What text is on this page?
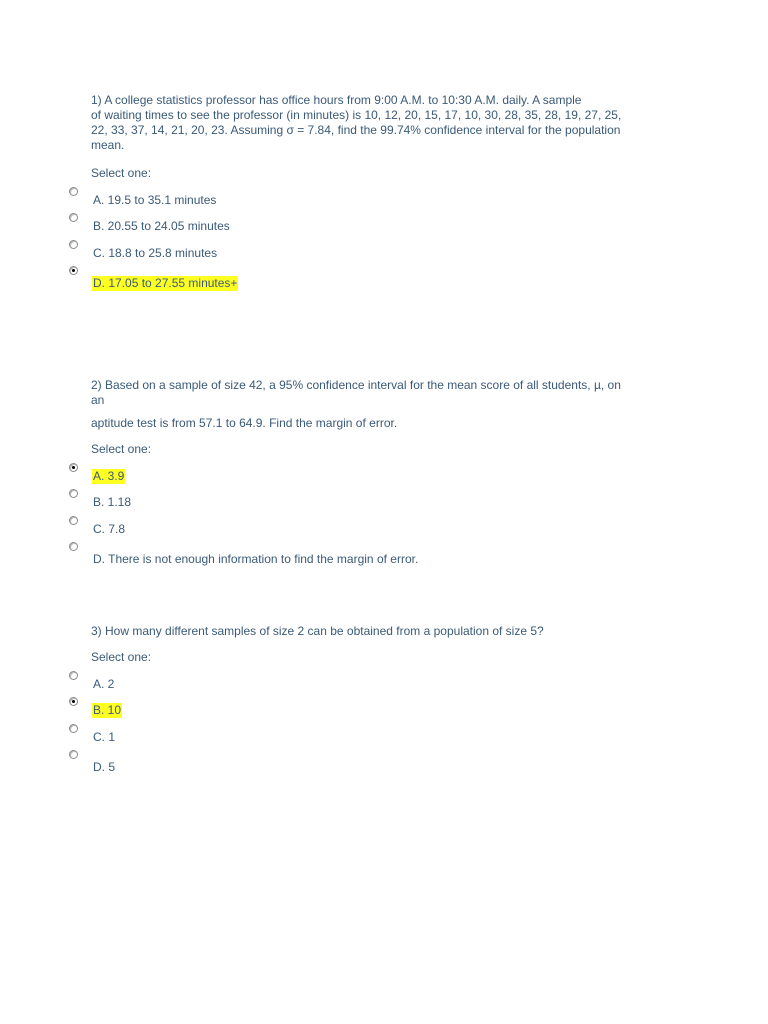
1) A college statistics professor has office hours from 9:00 A.M. to 10:30 A.M. daily. A sample
of waiting times to see the professor (in minutes) is 10, 12, 20, 15, 17, 10, 30, 28, 35, 28, 19, 27, 25,
22, 33, 37, 14, 21, 20, 23. Assuming σ = 7.84, find the 99.74% confidence interval for the population
mean.
Select one:
A. 19.5 to 35.1 minutes
B. 20.55 to 24.05 minutes
C. 18.8 to 25.8 minutes
D. 17.05 to 27.55 minutes+
2) Based on a sample of size 42, a 95% confidence interval for the mean score of all students, µ, on
an
aptitude test is from 57.1 to 64.9. Find the margin of error.
Select one:
A. 3.9
B. 1.18
C. 7.8
D. There is not enough information to find the margin of error.
3) How many different samples of size 2 can be obtained from a population of size 5?
Select one:
A. 2
B. 10
C. 1
D. 5
